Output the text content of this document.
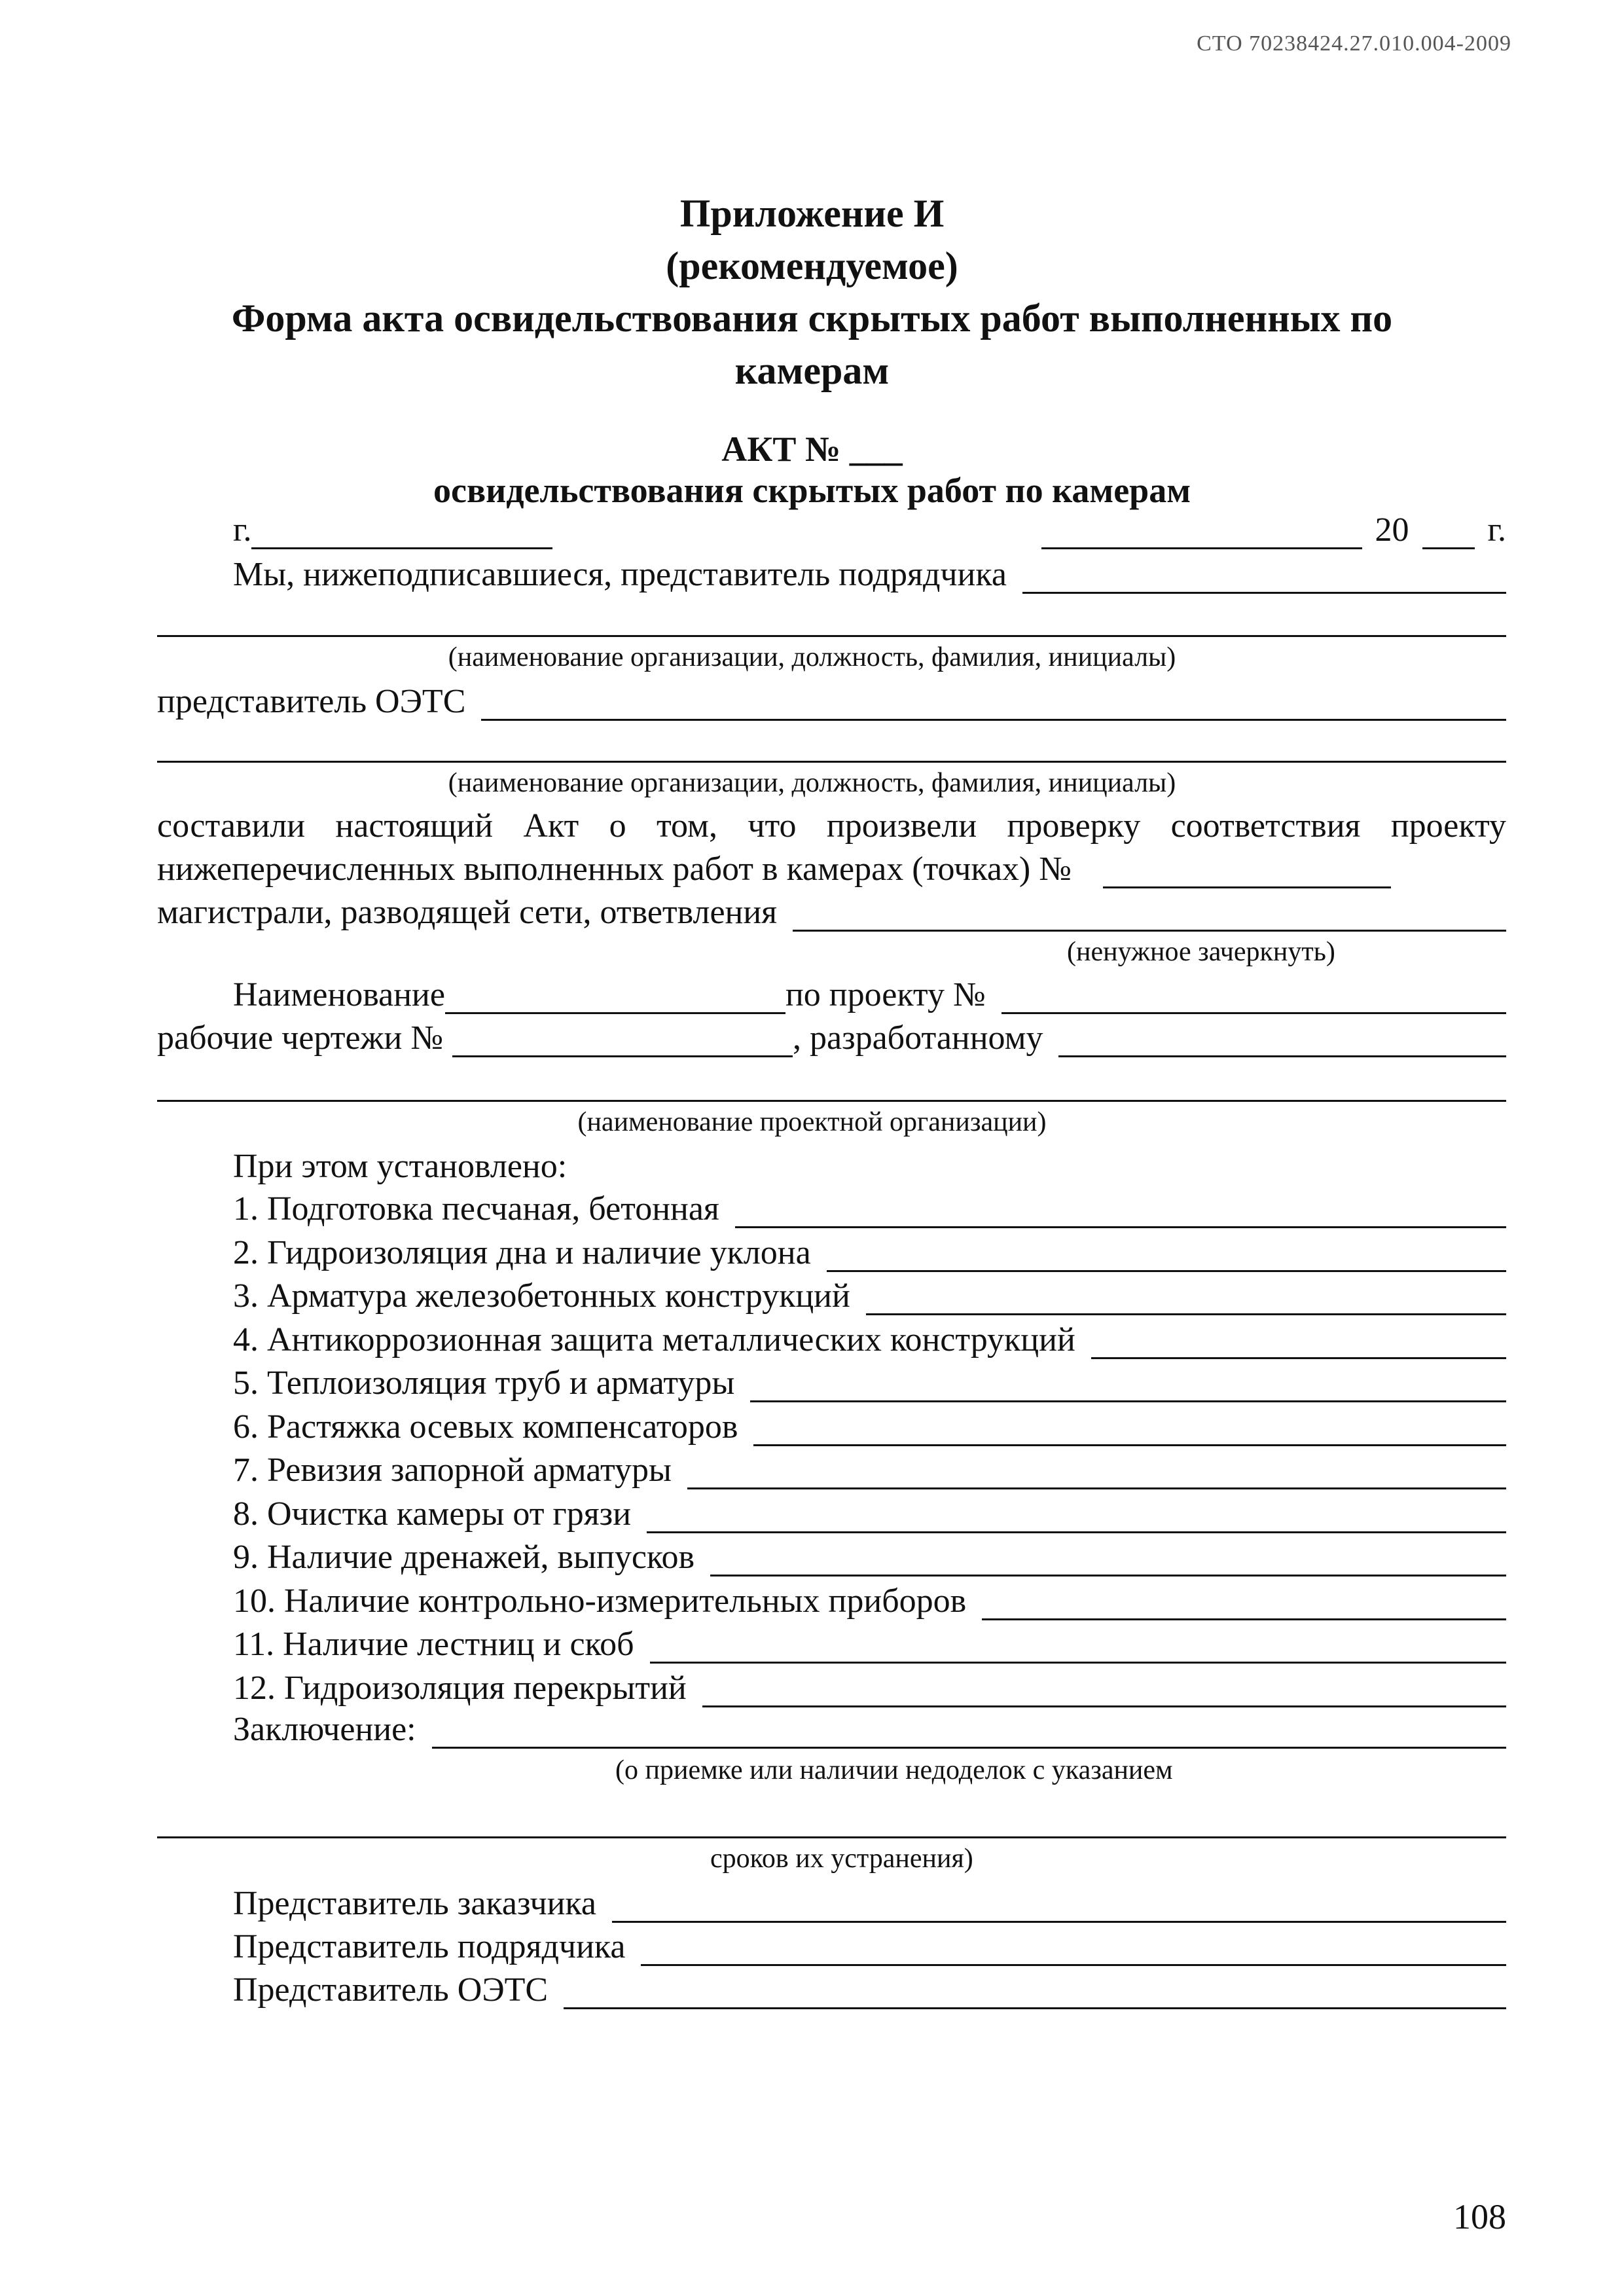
СТО 70238424.27.010.004-2009
Приложение И
(рекомендуемое)
Форма акта освидельствования скрытых работ выполненных по
камерам
АКТ № ___
освидельствования скрытых работ по камерам
г.	20 г.
Мы, нижеподписавшиеся, представитель подрядчика
(наименование организации, должность, фамилия, инициалы)
представитель ОЭТС
(наименование организации, должность, фамилия, инициалы)
составили настоящий Акт о том, что произвели проверку соответствия проекту
нижеперечисленных выполненных работ в камерах (точках) №
магистрали, разводящей сети, ответвления
(ненужное зачеркнуть)
Наименование	по проекту №
рабочие чертежи №	, разработанному
(наименование проектной организации)
При этом установлено:
1. Подготовка песчаная, бетонная
2. Гидроизоляция дна и наличие уклона
3. Арматура железобетонных конструкций
4. Антикоррозионная защита металлических конструкций
5. Теплоизоляция труб и арматуры
6. Растяжка осевых компенсаторов
7. Ревизия запорной арматуры
8. Очистка камеры от грязи
9. Наличие дренажей, выпусков
10. Наличие контрольно-измерительных приборов
11. Наличие лестниц и скоб
12. Гидроизоляция перекрытий
Заключение:
(о приемке или наличии недоделок с указанием
сроков их устранения)
Представитель заказчика
Представитель подрядчика
Представитель ОЭТС
108
